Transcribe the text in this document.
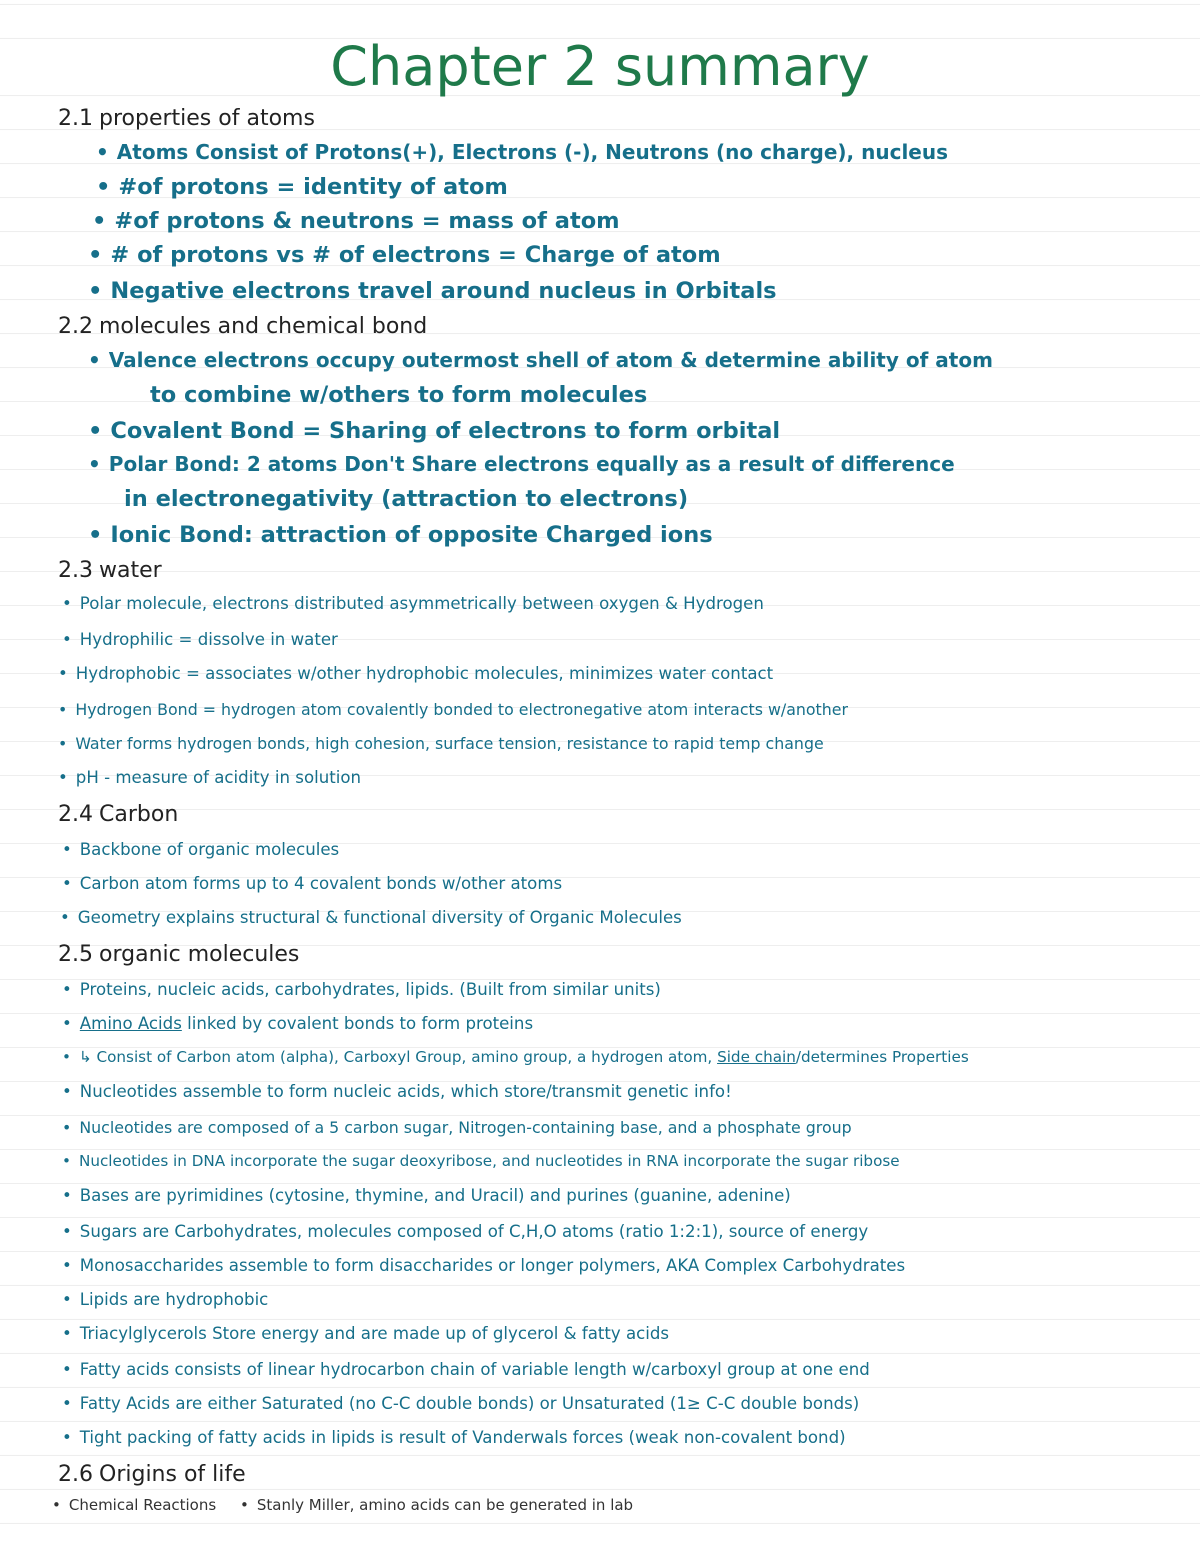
Chapter 2 summary
2.1 properties of atoms
• Atoms Consist of Protons(+), Electrons (-), Neutrons (no charge), nucleus
• #of protons = identity of atom
• #of protons & neutrons = mass of atom
• # of protons vs # of electrons = Charge of atom
• Negative electrons travel around nucleus in Orbitals
2.2 molecules and chemical bond
• Valence electrons occupy outermost shell of atom & determine ability of atom
to combine w/others to form molecules
• Covalent Bond = Sharing of electrons to form orbital
• Polar Bond: 2 atoms Don't Share electrons equally as a result of difference
in electronegativity (attraction to electrons)
• Ionic Bond: attraction of opposite Charged ions
2.3 water
• Polar molecule, electrons distributed asymmetrically between oxygen & Hydrogen
• Hydrophilic = dissolve in water
• Hydrophobic = associates w/other hydrophobic molecules, minimizes water contact
• Hydrogen Bond = hydrogen atom covalently bonded to electronegative atom interacts w/another
• Water forms hydrogen bonds, high cohesion, surface tension, resistance to rapid temp change
• pH - measure of acidity in solution
2.4 Carbon
• Backbone of organic molecules
• Carbon atom forms up to 4 covalent bonds w/other atoms
• Geometry explains structural & functional diversity of Organic Molecules
2.5 organic molecules
• Proteins, nucleic acids, carbohydrates, lipids. (Built from similar units)
• Amino Acids linked by covalent bonds to form proteins
• ↳ Consist of Carbon atom (alpha), Carboxyl Group, amino group, a hydrogen atom, Side chain/determines Properties
• Nucleotides assemble to form nucleic acids, which store/transmit genetic info!
• Nucleotides are composed of a 5 carbon sugar, Nitrogen-containing base, and a phosphate group
• Nucleotides in DNA incorporate the sugar deoxyribose, and nucleotides in RNA incorporate the sugar ribose
• Bases are pyrimidines (cytosine, thymine, and Uracil) and purines (guanine, adenine)
• Sugars are Carbohydrates, molecules composed of C,H,O atoms (ratio 1:2:1), source of energy
• Monosaccharides assemble to form disaccharides or longer polymers, AKA Complex Carbohydrates
• Lipids are hydrophobic
• Triacylglycerols Store energy and are made up of glycerol & fatty acids
• Fatty acids consists of linear hydrocarbon chain of variable length w/carboxyl group at one end
• Fatty Acids are either Saturated (no C-C double bonds) or Unsaturated (1≥ C-C double bonds)
• Tight packing of fatty acids in lipids is result of Vanderwals forces (weak non-covalent bond)
2.6 Origins of life
• Chemical Reactions • Stanly Miller, amino acids can be generated in lab
